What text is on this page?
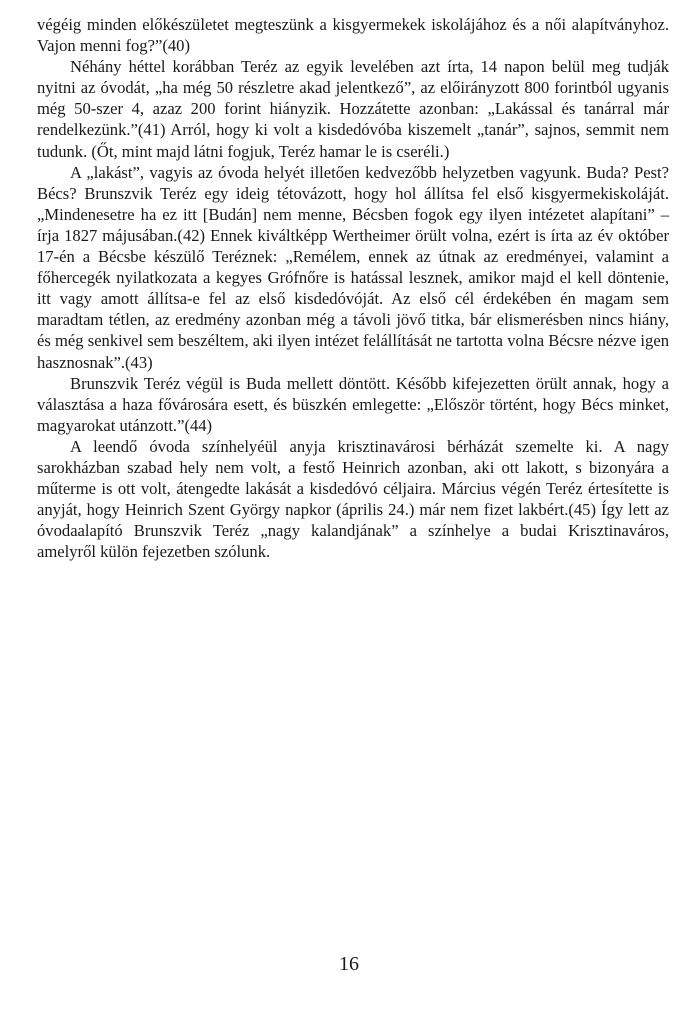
végéig minden előkészületet megteszünk a kisgyermekek iskolájához és a női alapítványhoz. Vajon menni fog?”(40)

Néhány héttel korábban Teréz az egyik levelében azt írta, 14 napon belül meg tudják nyitni az óvodát, „ha még 50 részletre akad jelentkező”, az előirányzott 800 forintból ugyanis még 50-szer 4, azaz 200 forint hiányzik. Hozzátette azonban: „Lakással és tanárral már rendelkezünk.”(41) Arról, hogy ki volt a kisdedóvóba kiszemelt „tanár”, sajnos, semmit nem tudunk. (Őt, mint majd látni fogjuk, Teréz hamar le is cseréli.)

A „lakást”, vagyis az óvoda helyét illetően kedvezőbb helyzetben vagyunk. Buda? Pest? Bécs? Brunszvik Teréz egy ideig tétovázott, hogy hol állítsa fel első kisgyermekiskoláját. „Mindenesetre ha ez itt [Budán] nem menne, Bécsben fogok egy ilyen intézetet alapítani” – írja 1827 májusában.(42) Ennek kiváltképp Wertheimer örült volna, ezért is írta az év október 17-én a Bécsbe készülő Teréznek: „Remélem, ennek az útnak az eredményei, valamint a főhercegék nyilatkozata a kegyes Grófnőre is hatással lesznek, amikor majd el kell döntenie, itt vagy amott állítsa-e fel az első kisdedóvóját. Az első cél érdekében én magam sem maradtam tétlen, az eredmény azonban még a távoli jövő titka, bár elismerésben nincs hiány, és még senkivel sem beszéltem, aki ilyen intézet felállítását ne tartotta volna Bécsre nézve igen hasznosnak”.(43)

Brunszvik Teréz végül is Buda mellett döntött. Később kifejezetten örült annak, hogy a választása a haza fővárosára esett, és büszkén emlegette: „Először történt, hogy Bécs minket, magyarokat utánzott.”(44)

A leendő óvoda színhelyéül anyja krisztinavárosi bérházát szemelte ki. A nagy sarokházban szabad hely nem volt, a festő Heinrich azonban, aki ott lakott, s bizonyára a műterme is ott volt, átengedte lakását a kisdedóvó céljaira. Március végén Teréz értesítette is anyját, hogy Heinrich Szent György napkor (április 24.) már nem fizet lakbért.(45) Így lett az óvodaalapító Brunszvik Teréz „nagy kalandjának” a színhelye a budai Krisztinaváros, amelyről külön fejezetben szólunk.

16
